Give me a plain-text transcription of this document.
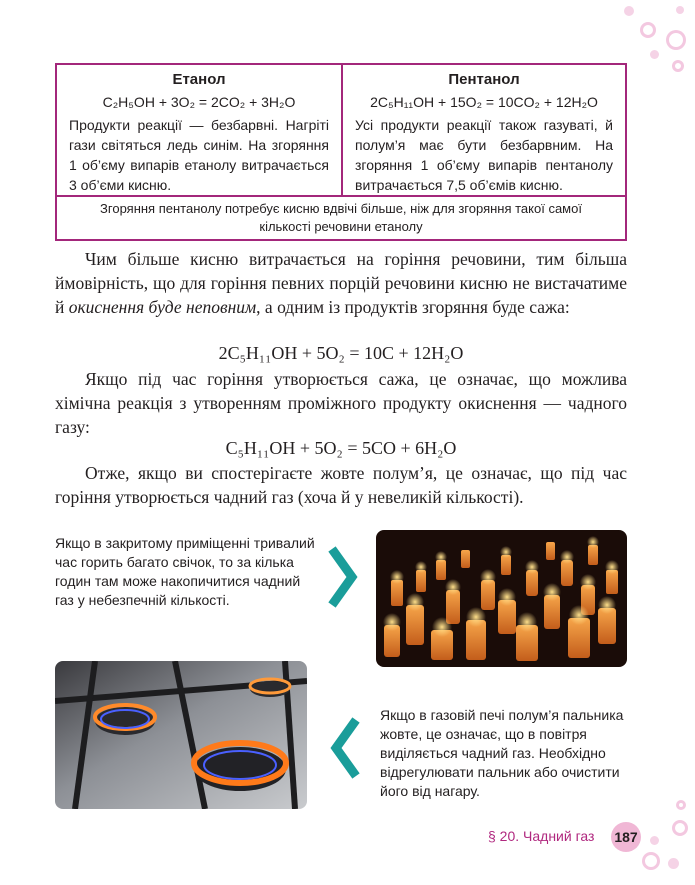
Етанол
C₂H₅OH + 3O₂ = 2CO₂ + 3H₂O
Продукти реакції — безбарвні. Нагріті гази світяться ледь синім. На згоряння 1 об’єму випарів етанолу витрачається 3 об’єми кисню.
Пентанол
2C₅H₁₁OH + 15O₂ = 10CO₂ + 12H₂O
Усі продукти реакції також газуваті, й полум’я має бути безбарвним. На згоряння 1 об’єму випарів пентанолу витрачається 7,5 об’ємів кисню.
Згоряння пентанолу потребує кисню вдвічі більше, ніж для згоряння такої самої кількості речовини етанолу

Чим більше кисню витрачається на горіння речовини, тим більша ймовірність, що для горіння певних порцій речовини кисню не вистачатиме й окиснення буде неповним, а одним із продуктів згоряння буде сажа:

2C₅H₁₁OH + 5O₂ = 10C + 12H₂O

Якщо під час горіння утворюється сажа, це означає, що можлива хімічна реакція з утворенням проміжного продукту окиснення — чадного газу:

C₅H₁₁OH + 5O₂ = 5CO + 6H₂O

Отже, якщо ви спостерігаєте жовте полум’я, це означає, що під час горіння утворюється чадний газ (хоча й у невеликій кількості).

Якщо в закритому приміщенні тривалий час горить багато свічок, то за кілька годин там може накопичитися чадний газ у небезпечній кількості.
Якщо в газовій печі полум’я пальника жовте, це означає, що в повітря виділяється чадний газ. Необхідно відрегулювати пальник або очистити його від нагару.
§ 20. Чадний газ 187
